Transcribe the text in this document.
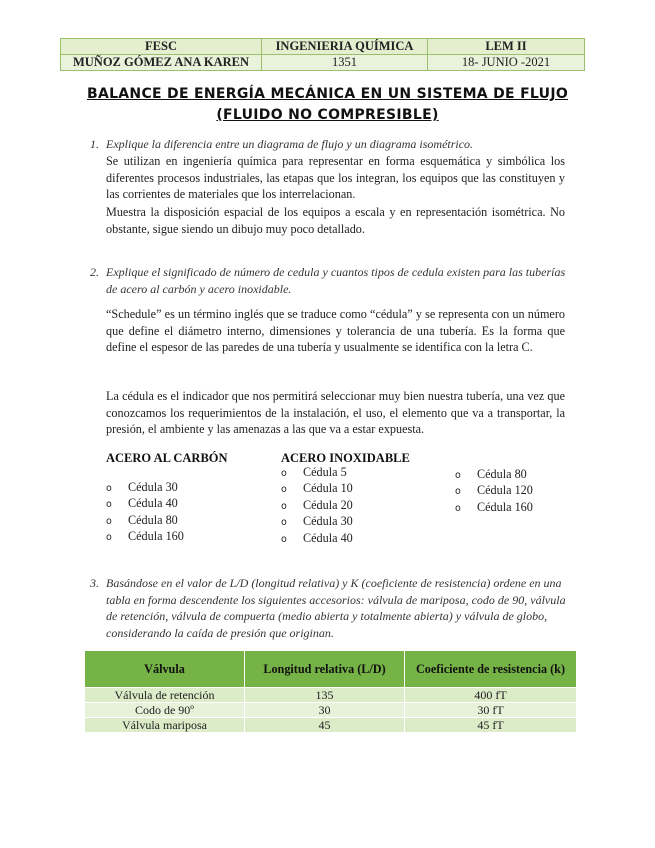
FESC	INGENIERIA QUÍMICA	LEM II
MUÑOZ GÓMEZ ANA KAREN	1351	18- JUNIO -2021
BALANCE DE ENERGÍA MECÁNICA EN UN SISTEMA DE FLUJO
(FLUIDO NO COMPRESIBLE)
1. Explique la diferencia entre un diagrama de flujo y un diagrama isométrico.
Se utilizan en ingeniería química para representar en forma esquemática y simbólica los diferentes procesos industriales, las etapas que los integran, los equipos que las constituyen y las corrientes de materiales que los interrelacionan.
Muestra la disposición espacial de los equipos a escala y en representación isométrica. No obstante, sigue siendo un dibujo muy poco detallado.
2. Explique el significado de número de cedula y cuantos tipos de cedula existen para las tuberías de acero al carbón y acero inoxidable.
“Schedule” es un término inglés que se traduce como “cédula” y se representa con un número que define el diámetro interno, dimensiones y tolerancia de una tubería. Es la forma que define el espesor de las paredes de una tubería y usualmente se identifica con la letra C.
La cédula es el indicador que nos permitirá seleccionar muy bien nuestra tubería, una vez que conozcamos los requerimientos de la instalación, el uso, el elemento que va a transportar, la presión, el ambiente y las amenazas a las que va a estar expuesta.
ACERO AL CARBÓN	ACERO INOXIDABLE
o Cédula 30
o Cédula 40
o Cédula 80
o Cédula 160
o Cédula 5
o Cédula 10
o Cédula 20
o Cédula 30
o Cédula 40
o Cédula 80
o Cédula 120
o Cédula 160
3. Basándose en el valor de L/D (longitud relativa) y K (coeficiente de resistencia) ordene en una tabla en forma descendente los siguientes accesorios: válvula de mariposa, codo de 90, válvula de retención, válvula de compuerta (medio abierta y totalmente abierta) y válvula de globo, considerando la caída de presión que originan.
Válvula	Longitud relativa (L/D)	Coeficiente de resistencia (k)
Válvula de retención	135	400 fT
Codo de 90º	30	30 fT
Válvula mariposa	45	45 fT
